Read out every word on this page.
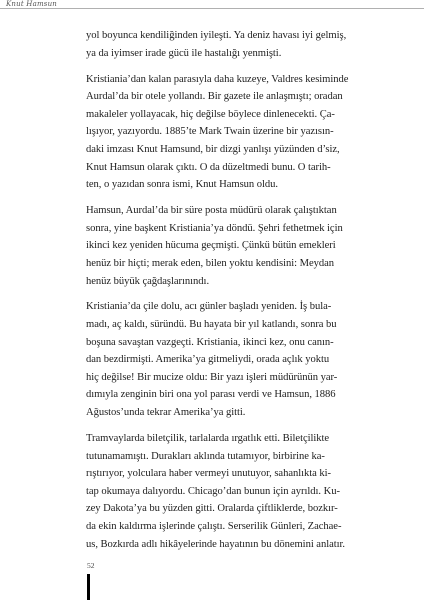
Knut Hamsun

yol boyunca kendiliğinden iyileşti. Ya deniz havası iyi gelmiş,
ya da iyimser irade gücü ile hastalığı yenmişti.

Kristiania’dan kalan parasıyla daha kuzeye, Valdres kesiminde
Aurdal’da bir otele yollandı. Bir gazete ile anlaşmıştı; oradan
makaleler yollayacak, hiç değilse böylece dinlenecekti. Ça-
lışıyor, yazıyordu. 1885’te Mark Twain üzerine bir yazısın-
daki imzası Knut Hamsund, bir dizgi yanlışı yüzünden d’siz,
Knut Hamsun olarak çıktı. O da düzeltmedi bunu. O tarih-
ten, o yazıdan sonra ismi, Knut Hamsun oldu.

Hamsun, Aurdal’da bir süre posta müdürü olarak çalıştıktan
sonra, yine başkent Kristiania’ya döndü. Şehri fethetmek için
ikinci kez yeniden hücuma geçmişti. Çünkü bütün emekleri
henüz bir hiçti; merak eden, bilen yoktu kendisini: Meydan
henüz büyük çağdaşlarınındı.

Kristiania’da çile dolu, acı günler başladı yeniden. İş bula-
madı, aç kaldı, süründü. Bu hayata bir yıl katlandı, sonra bu
boşuna savaştan vazgeçti. Kristiania, ikinci kez, onu canın-
dan bezdirmişti. Amerika’ya gitmeliydi, orada açlık yoktu
hiç değilse! Bir mucize oldu: Bir yazı işleri müdürünün yar-
dımıyla zenginin biri ona yol parası verdi ve Hamsun, 1886
Ağustos’unda tekrar Amerika’ya gitti.

Tramvaylarda biletçilik, tarlalarda ırgatlık etti. Biletçilikte
tutunamamıştı. Durakları aklında tutamıyor, birbirine ka-
rıştırıyor, yolculara haber vermeyi unutuyor, sahanlıkta ki-
tap okumaya dalıyordu. Chicago’dan bunun için ayrıldı. Ku-
zey Dakota’ya bu yüzden gitti. Oralarda çiftliklerde, bozkır-
da ekin kaldırma işlerinde çalıştı. Serserilik Günleri, Zachae-
us, Bozkırda adlı hikâyelerinde hayatının bu dönemini anlatır.

52
